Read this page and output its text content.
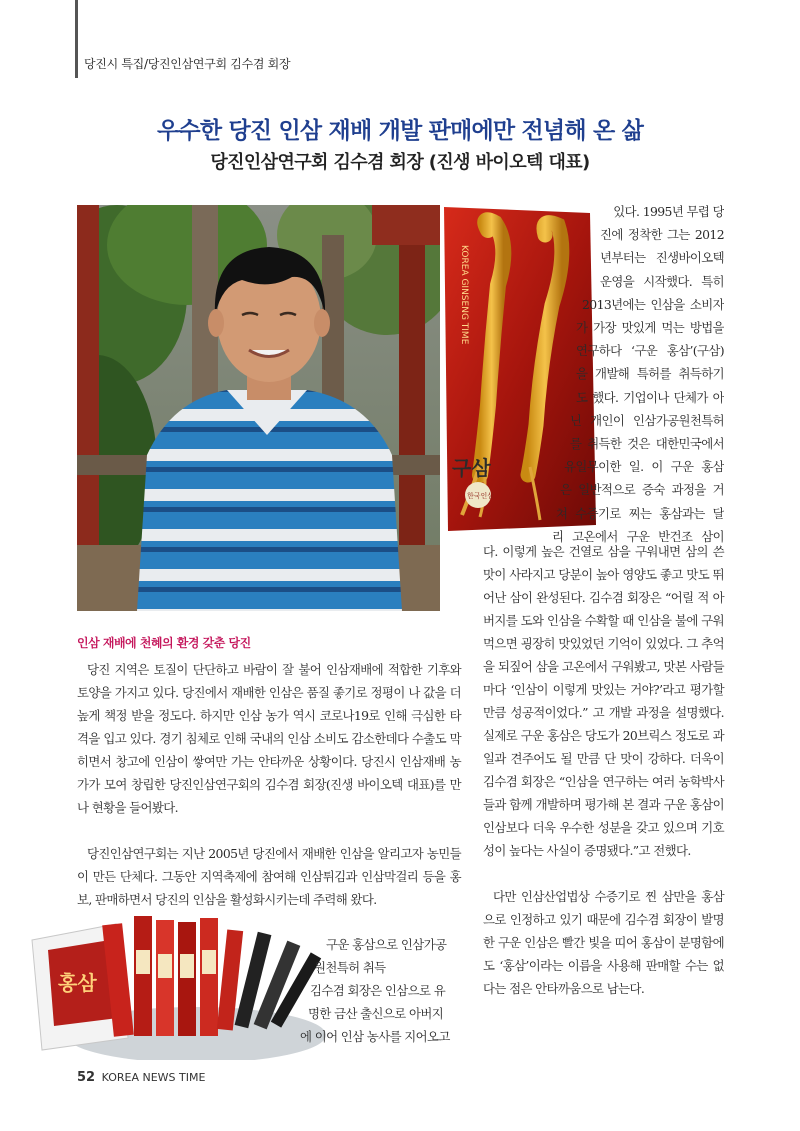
당진시 특집/당진인삼연구회 김수겸 회장
우수한 당진 인삼 재배 개발 판매에만 전념해 온 삶
당진인삼연구회 김수겸 회장 (진생 바이오텍 대표)
KOREA GINSENG TIME
구삼
한국인삼
홍삼
있다. 1995년 무렵 당
진에 정착한 그는 2012
년부터는 진생바이오텍
운영을 시작했다. 특히
2013년에는 인삼을 소비자
가 가장 맛있게 먹는 방법을
연구하다 ‘구운 홍삼’(구삼)
을 개발해 특허를 취득하기
도 했다. 기업이나 단체가 아
닌 개인이 인삼가공원천특허
를 취득한 것은 대한민국에서
유일무이한 일. 이 구운 홍삼
은 일반적으로 증숙 과정을 거
쳐 수증기로 찌는 홍삼과는 달
리 고온에서 구운 반건조 삼이

다. 이렇게 높은 건열로 삼을 구워내면 삼의 쓴맛이 사라지고 당분이 높아 영양도 좋고 맛도 뛰어난 삼이 완성된다. 김수겸 회장은 “어릴 적 아버지를 도와 인삼을 수확할 때 인삼을 불에 구워 먹으면 굉장히 맛있었던 기억이 있었다. 그 추억을 되짚어 삼을 고온에서 구워봤고, 맛본 사람들마다 ‘인삼이 이렇게 맛있는 거야?’라고 평가할 만큼 성공적이었다.” 고 개발 과정을 설명했다. 실제로 구운 홍삼은 당도가 20브릭스 정도로 과일과 견주어도 될 만큼 단 맛이 강하다. 더욱이 김수겸 회장은 “인삼을 연구하는 여러 농학박사들과 함께 개발하며 평가해 본 결과 구운 홍삼이 인삼보다 더욱 우수한 성분을 갖고 있으며 기호성이 높다는 사실이 증명됐다.”고 전했다.

다만 인삼산업법상 수증기로 찐 삼만을 홍삼으로 인정하고 있기 때문에 김수겸 회장이 발명한 구운 인삼은 빨간 빛을 띠어 홍삼이 분명함에도 ‘홍삼’이라는 이름을 사용해 판매할 수는 없다는 점은 안타까움으로 남는다.

인삼 재배에 천혜의 환경 갖춘 당진

당진 지역은 토질이 단단하고 바람이 잘 불어 인삼재배에 적합한 기후와 토양을 가지고 있다. 당진에서 재배한 인삼은 품질 좋기로 정평이 나 값을 더 높게 책정 받을 정도다. 하지만 인삼 농가 역시 코로나19로 인해 극심한 타격을 입고 있다. 경기 침체로 인해 국내의 인삼 소비도 감소한데다 수출도 막히면서 창고에 인삼이 쌓여만 가는 안타까운 상황이다. 당진시 인삼재배 농가가 모여 창립한 당진인삼연구회의 김수겸 회장(진생 바이오텍 대표)를 만나 현황을 들어봤다.

당진인삼연구회는 지난 2005년 당진에서 재배한 인삼을 알리고자 농민들이 만든 단체다. 그동안 지역축제에 참여해 인삼튀김과 인삼막걸리 등을 홍보, 판매하면서 당진의 인삼을 활성화시키는데 주력해 왔다.

구운 홍삼으로 인삼가공
원천특허 취득
김수겸 회장은 인삼으로 유
명한 금산 출신으로 아버지
에 이어 인삼 농사를 지어오고
52 KOREA NEWS TIME
